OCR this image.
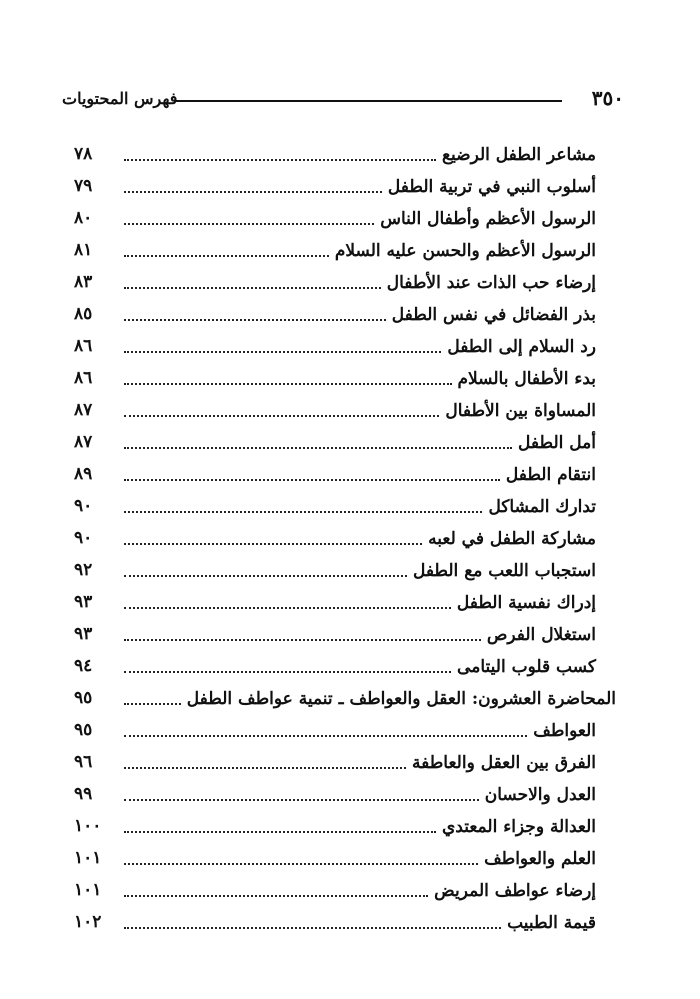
فهرس المحتويات	٣٥٠
٧٨	مشاعر الطفل الرضيع
٧٩	أسلوب النبي في تربية الطفل
٨٠	الرسول الأعظم وأطفال الناس
٨١	الرسول الأعظم والحسن عليه السلام
٨٣	إرضاء حب الذات عند الأطفال
٨٥	بذر الفضائل في نفس الطفل
٨٦	رد السلام إلى الطفل
٨٦	بدء الأطفال بالسلام
٨٧	المساواة بين الأطفال
٨٧	أمل الطفل
٨٩	انتقام الطفل
٩٠	تدارك المشاكل
٩٠	مشاركة الطفل في لعبه
٩٢	استجباب اللعب مع الطفل
٩٣	إدراك نفسية الطفل
٩٣	استغلال الفرص
٩٤	كسب قلوب اليتامى
٩٥	المحاضرة العشرون: العقل والعواطف ـ تنمية عواطف الطفل
٩٥	العواطف
٩٦	الفرق بين العقل والعاطفة
٩٩	العدل والاحسان
١٠٠	العدالة وجزاء المعتدي
١٠١	العلم والعواطف
١٠١	إرضاء عواطف المريض
١٠٢	قيمة الطبيب
